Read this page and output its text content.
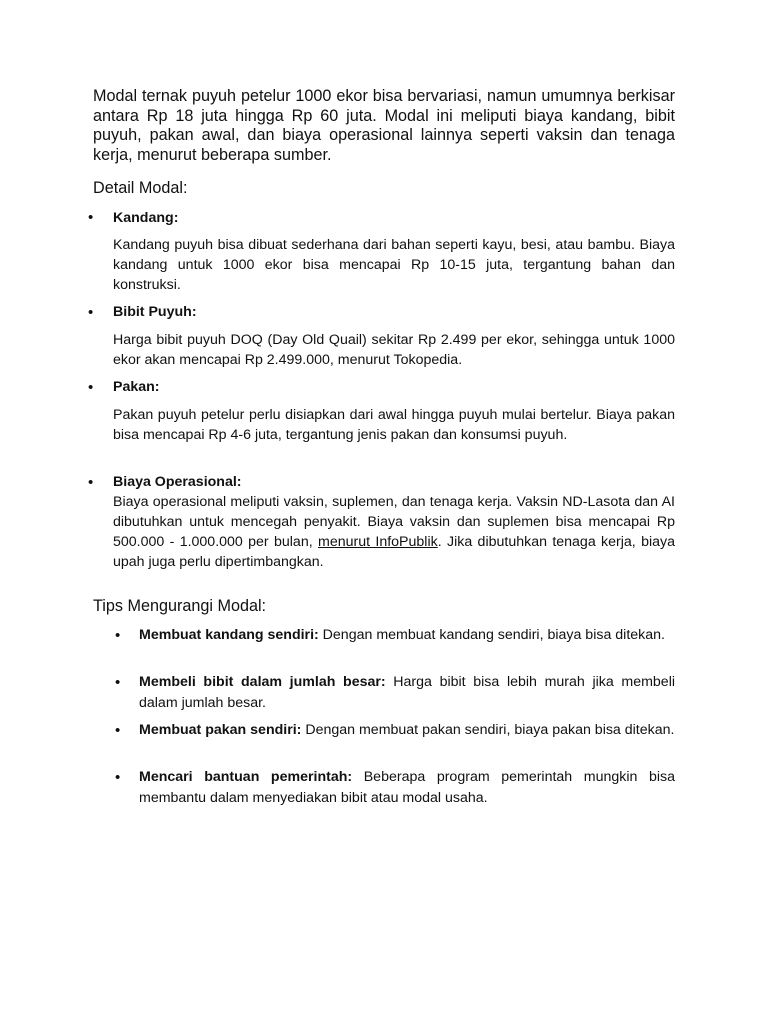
Modal ternak puyuh petelur 1000 ekor bisa bervariasi, namun umumnya berkisar antara Rp 18 juta hingga Rp 60 juta. Modal ini meliputi biaya kandang, bibit puyuh, pakan awal, dan biaya operasional lainnya seperti vaksin dan tenaga kerja, menurut beberapa sumber.
Detail Modal:
• Kandang:
Kandang puyuh bisa dibuat sederhana dari bahan seperti kayu, besi, atau bambu. Biaya kandang untuk 1000 ekor bisa mencapai Rp 10-15 juta, tergantung bahan dan konstruksi.
• Bibit Puyuh:
Harga bibit puyuh DOQ (Day Old Quail) sekitar Rp 2.499 per ekor, sehingga untuk 1000 ekor akan mencapai Rp 2.499.000, menurut Tokopedia.
• Pakan:
Pakan puyuh petelur perlu disiapkan dari awal hingga puyuh mulai bertelur. Biaya pakan bisa mencapai Rp 4-6 juta, tergantung jenis pakan dan konsumsi puyuh.
• Biaya Operasional:
Biaya operasional meliputi vaksin, suplemen, dan tenaga kerja. Vaksin ND-Lasota dan AI dibutuhkan untuk mencegah penyakit. Biaya vaksin dan suplemen bisa mencapai Rp 500.000 - 1.000.000 per bulan, menurut InfoPublik. Jika dibutuhkan tenaga kerja, biaya upah juga perlu dipertimbangkan.
Tips Mengurangi Modal:
• Membuat kandang sendiri: Dengan membuat kandang sendiri, biaya bisa ditekan.
• Membeli bibit dalam jumlah besar: Harga bibit bisa lebih murah jika membeli dalam jumlah besar.
• Membuat pakan sendiri: Dengan membuat pakan sendiri, biaya pakan bisa ditekan.
• Mencari bantuan pemerintah: Beberapa program pemerintah mungkin bisa membantu dalam menyediakan bibit atau modal usaha.
